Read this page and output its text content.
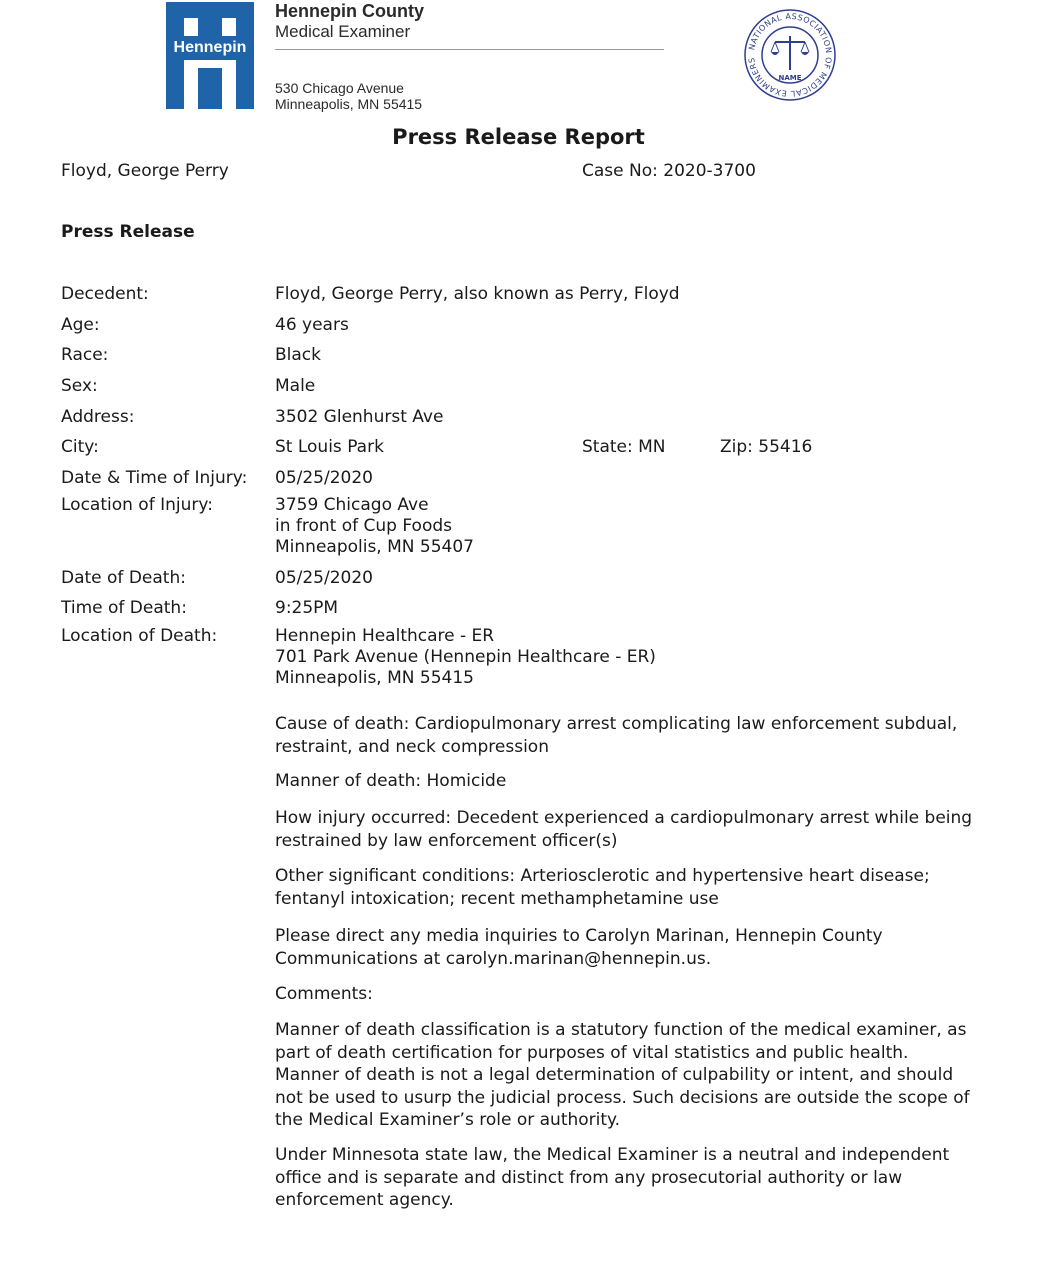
Hennepin
Hennepin County
Medical Examiner
530 Chicago Avenue
Minneapolis, MN 55415
NATIONAL ASSOCIATION OF MEDICAL EXAMINERS
NAME
Press Release Report
Floyd, George Perry	Case No: 2020-3700
Press Release
Decedent:	Floyd, George Perry, also known as Perry, Floyd
Age:	46 years
Race:	Black
Sex:	Male
Address:	3502 Glenhurst Ave
City:	St Louis Park	State: MN	Zip: 55416
Date & Time of Injury: 05/25/2020
Location of Injury:	3759 Chicago Ave
in front of Cup Foods
Minneapolis, MN 55407
Date of Death:	05/25/2020
Time of Death:	9:25PM
Location of Death:	Hennepin Healthcare - ER
701 Park Avenue (Hennepin Healthcare - ER)
Minneapolis, MN 55415
Cause of death: Cardiopulmonary arrest complicating law enforcement subdual, restraint, and neck compression
Manner of death: Homicide
How injury occurred: Decedent experienced a cardiopulmonary arrest while being restrained by law enforcement officer(s)
Other significant conditions: Arteriosclerotic and hypertensive heart disease; fentanyl intoxication; recent methamphetamine use
Please direct any media inquiries to Carolyn Marinan, Hennepin County Communications at carolyn.marinan@hennepin.us.
Comments:
Manner of death classification is a statutory function of the medical examiner, as part of death certification for purposes of vital statistics and public health. Manner of death is not a legal determination of culpability or intent, and should not be used to usurp the judicial process. Such decisions are outside the scope of the Medical Examiner’s role or authority.
Under Minnesota state law, the Medical Examiner is a neutral and independent office and is separate and distinct from any prosecutorial authority or law enforcement agency.
